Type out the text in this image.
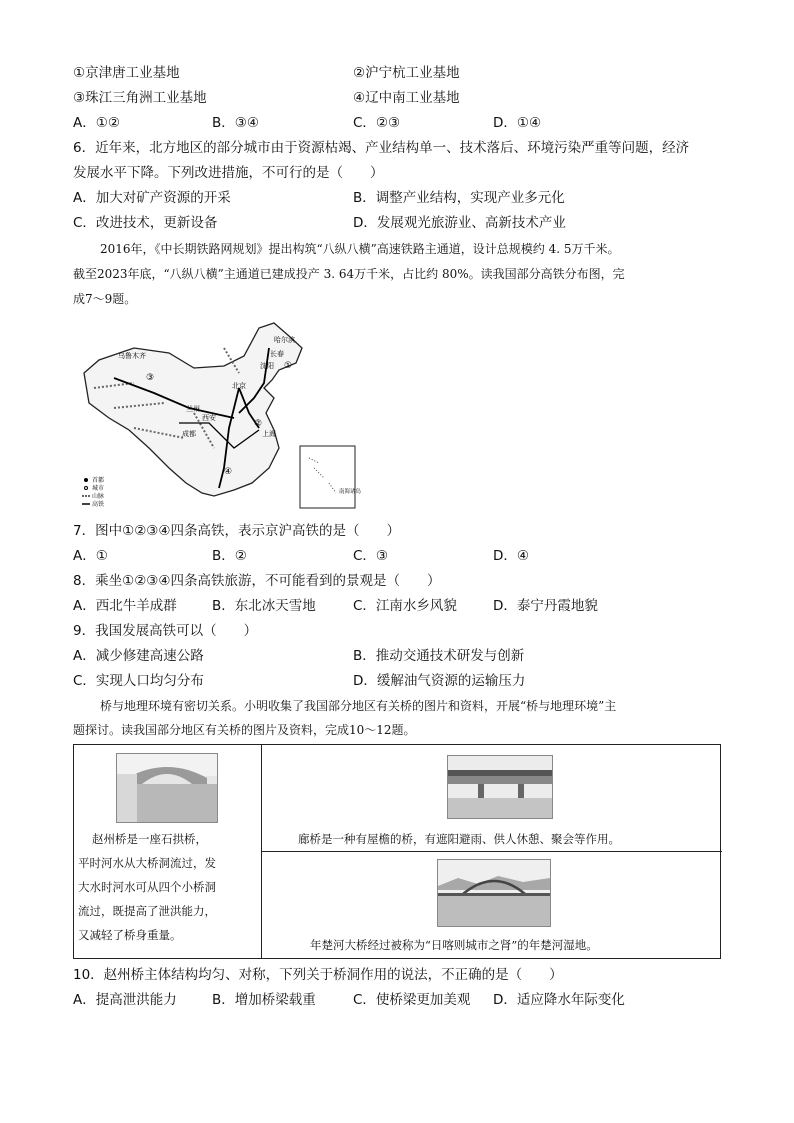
①京津唐工业基地	②沪宁杭工业基地
③珠江三角洲工业基地	④辽中南工业基地
A．①②	B．③④	C．②③	D．①④
6．近年来，北方地区的部分城市由于资源枯竭、产业结构单一、技术落后、环境污染严重等问题，经济
发展水平下降。下列改进措施，不可行的是（　　）
A．加大对矿产资源的开采	B．调整产业结构，实现产业多元化
C．改进技术，更新设备	D．发展观光旅游业、高新技术产业
2016年，《中长期铁路网规划》提出构筑“八纵八横”高速铁路主通道，设计总规模约 4. 5万千米。
截至2023年底，“八纵八横”主通道已建成投产 3. 64万千米，占比约 80%。读我国部分高铁分布图，完
成7～9题。
乌鲁木齐
北京
上海
西安
兰州
成都
哈尔滨
长春
沈阳 ①
②
③
④
首都
城市
山脉
高铁
南海诸岛
7．图中①②③④四条高铁，表示京沪高铁的是（　　）
A．①	B．②	C．③	D．④
8．乘坐①②③④四条高铁旅游，不可能看到的景观是（　　）
A．西北牛羊成群	B．东北冰天雪地	C．江南水乡风貌	D．泰宁丹霞地貌
9．我国发展高铁可以（　　）
A．减少修建高速公路	B．推动交通技术研发与创新
C．实现人口均匀分布	D．缓解油气资源的运输压力
桥与地理环境有密切关系。小明收集了我国部分地区有关桥的图片和资料，开展“桥与地理环境”主
题探讨。读我国部分地区有关桥的图片及资料，完成10～12题。
赵州桥是一座石拱桥，
平时河水从大桥洞流过，发
大水时河水可从四个小桥洞
流过，既提高了泄洪能力，
又减轻了桥身重量。
廊桥是一种有屋檐的桥，有遮阳避雨、供人休憩、聚会等作用。
年楚河大桥经过被称为“日喀则城市之肾”的年楚河湿地。
10．赵州桥主体结构均匀、对称，下列关于桥洞作用的说法，不正确的是（　　）
A．提高泄洪能力	B．增加桥梁载重	C．使桥梁更加美观 D．适应降水年际变化
